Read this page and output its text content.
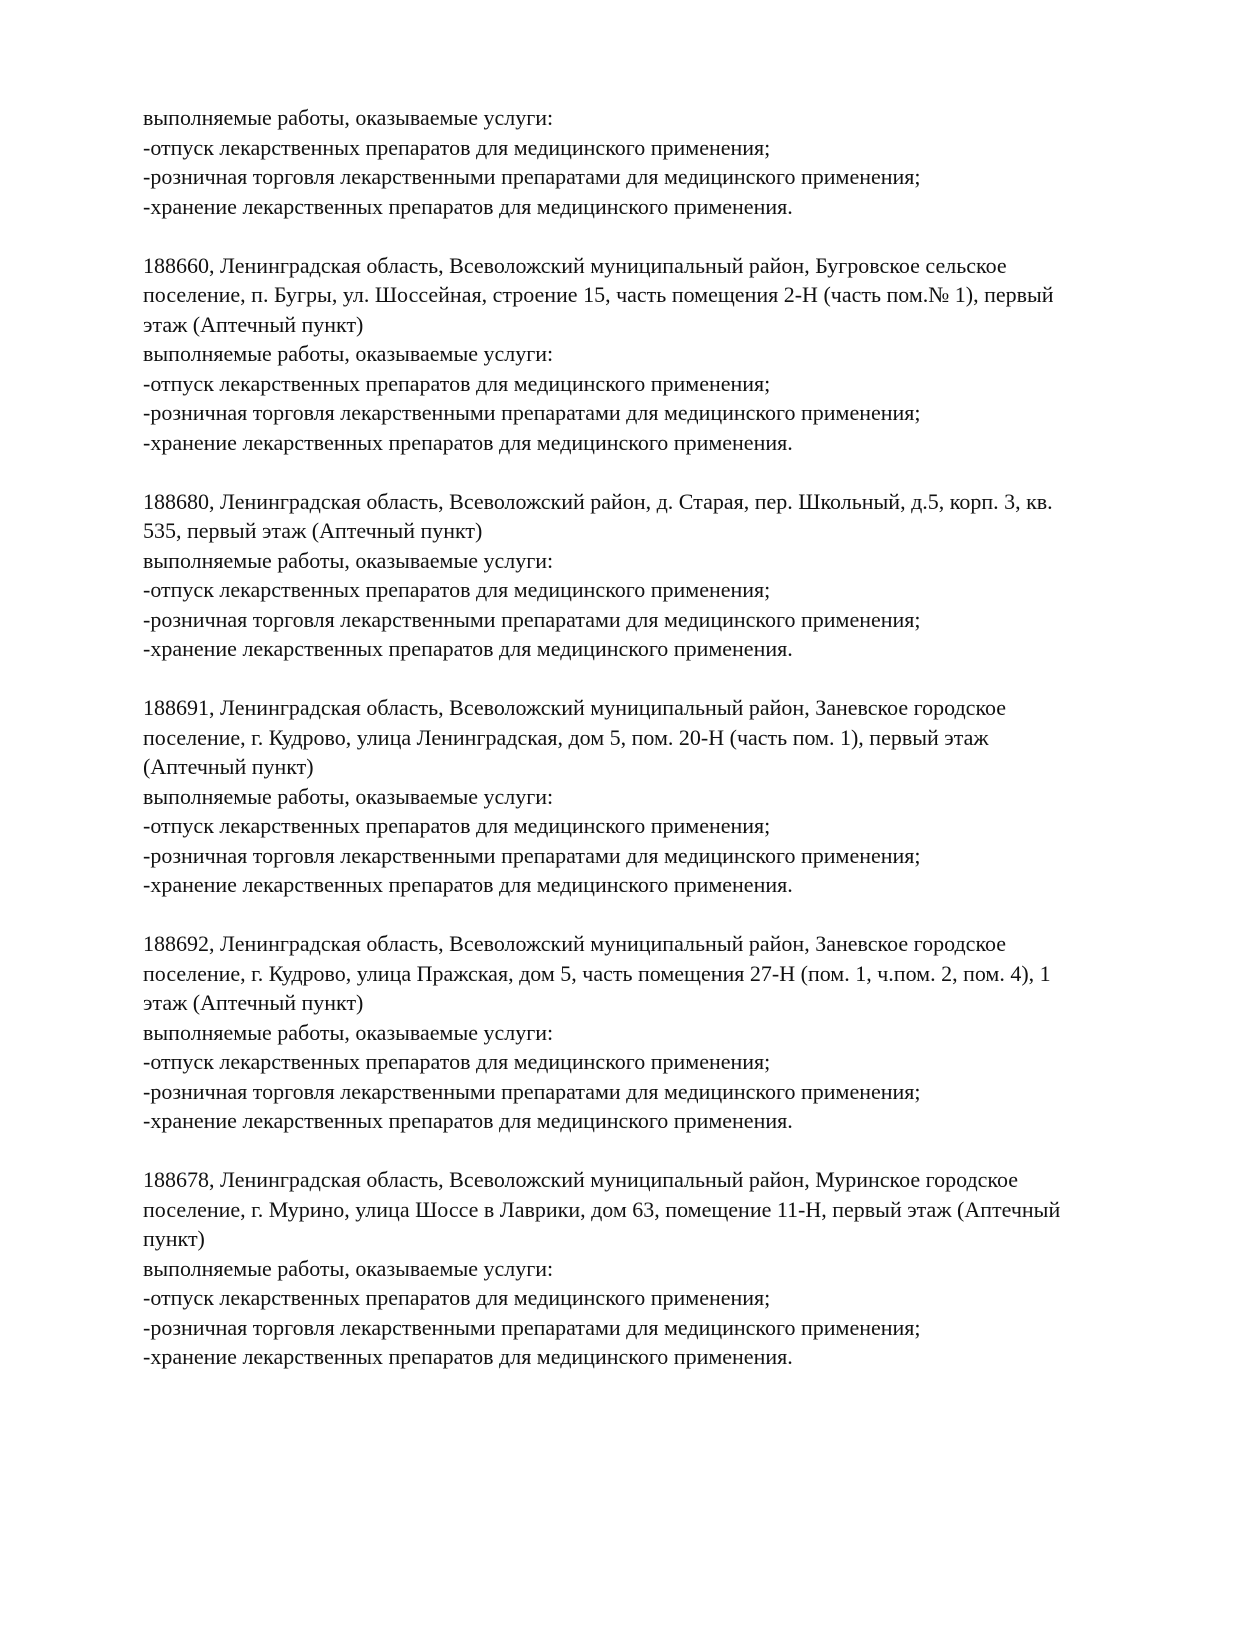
выполняемые работы, оказываемые услуги:
-отпуск лекарственных препаратов для медицинского применения;
-розничная торговля лекарственными препаратами для медицинского применения;
-хранение лекарственных препаратов для медицинского применения.
188660, Ленинградская область, Всеволожский муниципальный район, Бугровское сельское
поселение, п. Бугры, ул. Шоссейная, строение 15, часть помещения 2-Н (часть пом.№ 1), первый
этаж (Аптечный пункт)
выполняемые работы, оказываемые услуги:
-отпуск лекарственных препаратов для медицинского применения;
-розничная торговля лекарственными препаратами для медицинского применения;
-хранение лекарственных препаратов для медицинского применения.
188680, Ленинградская область, Всеволожский район, д. Старая, пер. Школьный, д.5, корп. 3, кв.
535, первый этаж (Аптечный пункт)
выполняемые работы, оказываемые услуги:
-отпуск лекарственных препаратов для медицинского применения;
-розничная торговля лекарственными препаратами для медицинского применения;
-хранение лекарственных препаратов для медицинского применения.
188691, Ленинградская область, Всеволожский муниципальный район, Заневское городское
поселение, г. Кудрово, улица Ленинградская, дом 5, пом. 20-Н (часть пом. 1), первый этаж
(Аптечный пункт)
выполняемые работы, оказываемые услуги:
-отпуск лекарственных препаратов для медицинского применения;
-розничная торговля лекарственными препаратами для медицинского применения;
-хранение лекарственных препаратов для медицинского применения.
188692, Ленинградская область, Всеволожский муниципальный район, Заневское городское
поселение, г. Кудрово, улица Пражская, дом 5, часть помещения 27-Н (пом. 1, ч.пом. 2, пом. 4), 1
этаж (Аптечный пункт)
выполняемые работы, оказываемые услуги:
-отпуск лекарственных препаратов для медицинского применения;
-розничная торговля лекарственными препаратами для медицинского применения;
-хранение лекарственных препаратов для медицинского применения.
188678, Ленинградская область, Всеволожский муниципальный район, Муринское городское
поселение, г. Мурино, улица Шоссе в Лаврики, дом 63, помещение 11-Н, первый этаж (Аптечный
пункт)
выполняемые работы, оказываемые услуги:
-отпуск лекарственных препаратов для медицинского применения;
-розничная торговля лекарственными препаратами для медицинского применения;
-хранение лекарственных препаратов для медицинского применения.
